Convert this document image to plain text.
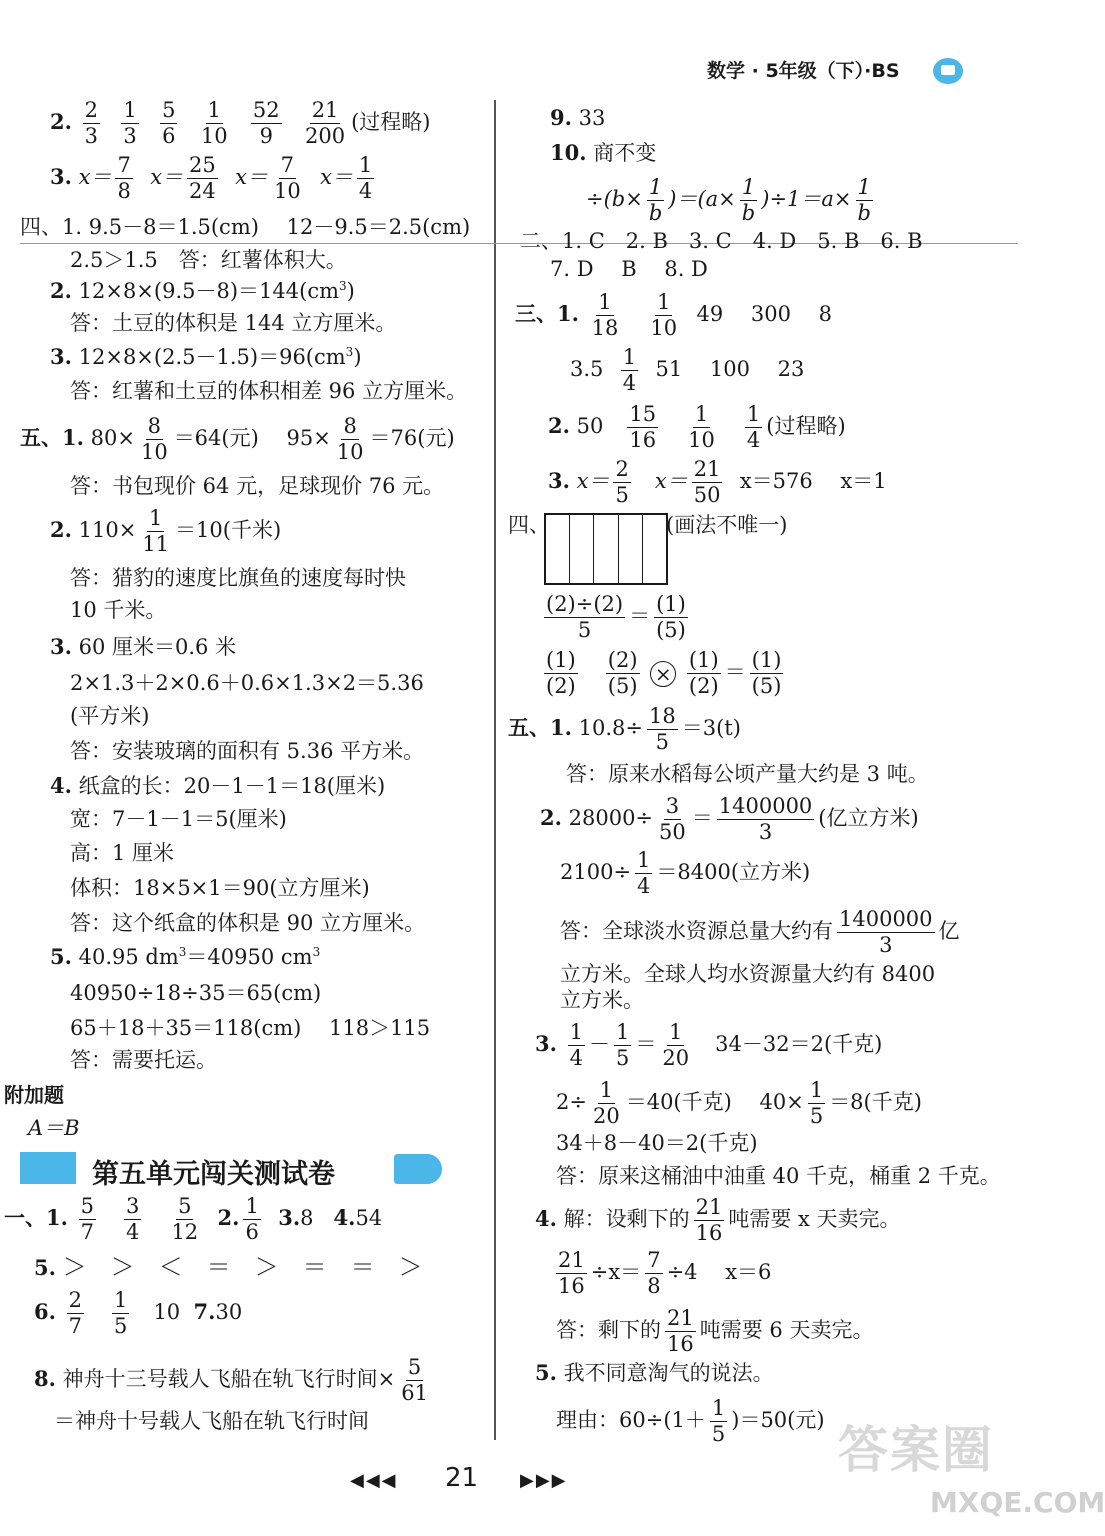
数学 · 5年级（下）·BS
2. $\frac{2}{3}$
$\frac{1}{3}$
$\frac{5}{6}$
$\frac{1}{10}$
$\frac{52}{9}$
$\frac{21}{200}$ (过程略)
3. $x= \frac{7}{8} x= \frac{25}{24} x= \frac{7}{10} x= \frac{1}{4}$
四、1. 9.5－8＝1.5(cm)　 12－9.5＝2.5(cm)
2.5＞1.5　答：红薯体积大。
2. $12\times 8\times(9.5-8)=144(cm^3)$
答：土豆的体积是 144 立方厘米。
3. $12\times 8\times(2.5-1.5)=96(cm^3)$
答：红薯和土豆的体积相差 96 立方厘米。
五、1. $80\times \frac{8}{10} =64$(元)　 $95\times \frac{8}{10} =76$(元)
答：书包现价 64 元，足球现价 76 元。
2. $110\times \frac{1}{11} =10$(千米)
答：猎豹的速度比旗鱼的速度每时快
10 千米。
3. 60 厘米＝0.6 米
2×1.3＋2×0.6＋0.6×1.3×2＝5.36
(平方米)
答：安装玻璃的面积有 5.36 平方米。
4. 纸盒的长：20－1－1＝18(厘米)
宽：7－1－1＝5(厘米)
高：1 厘米
体积：18×5×1＝90(立方厘米)
答：这个纸盒的体积是 90 立方厘米。
5. 40.95 $dm^3=40950$ $cm^3$
40950÷18÷35＝65(cm)
65＋18＋35＝118(cm)　 118＞115
答：需要托运。
附加题
A＝B
第五单元闯关测试卷
一、1. $\frac{5}{7}$
$\frac{3}{4}$
$\frac{5}{12} 2$. $\frac{1}{6} 3.8$ 4.54
5. ＞　＞　＜　＝　＞　＝　＝　＞
6. $\frac{2}{7}$
$\frac{1}{5} 10$ 7.30
8. 神舟十三号载人飞船在轨飞行时间× $\frac{5}{61}$
＝神舟十号载人飞船在轨飞行时间
9. 33
10. 商不变
$\div(b\times \frac{1}{b} )=(a\times \frac{1}{b} )\div 1=a\times \frac{1}{b}$
二、1. C　2. B　3. C　4. D　5. B　6. B
7. D　 B　 8. D
三、1. $\frac{1}{18}$
$\frac{1}{10} 49$　 300　 8
$3.5 \frac{1}{4} 51$　 100　 23
2. $50 \frac{15}{16}$
$\frac{1}{10}$
$\frac{1}{4}$ (过程略)
3. $x= \frac{2}{5} x= \frac{21}{50} x=576$　 x＝1
四、	(画法不唯一)
$\frac{(2)\div(2)}{5} = \frac{(1)}{(5)}$
$\frac{(1)}{(2)}$
$\frac{(2)}{(5)} \times \frac{(1)}{(2)} = \frac{(1)}{(5)}$
五、1. $10.8\div \frac{18}{5} =3(t)$
答：原来水稻每公顷产量大约是 3 吨。
2. $28000\div \frac{3}{50} = \frac{1400000}{3}$ (亿立方米)
$2100\div \frac{1}{4} =8400$(立方米)
答：全球淡水资源总量大约有 $\frac{1400000}{3}$ 亿
立方米。全球人均水资源量大约有 8400
立方米。
3. $\frac{1}{4} - \frac{1}{5} = \frac{1}{20} 34-32=2$(千克)
$2\div \frac{1}{20} =40$(千克)　 $40\times \frac{1}{5} =8$(千克)
34＋8－40＝2(千克)
答：原来这桶油中油重 40 千克，桶重 2 千克。
4. 解：设剩下的 $\frac{21}{16}$ 吨需要 x 天卖完。
$\frac{21}{16} \div x= \frac{7}{8} \div 4$　 x＝6
答：剩下的 $\frac{21}{16}$ 吨需要 6 天卖完。
5. 我不同意淘气的说法。
理由：$60\div(1+ \frac{1}{5} )=50$(元)
◀◀◀ 21 ▶▶▶
答案圈
MXQE.COM
